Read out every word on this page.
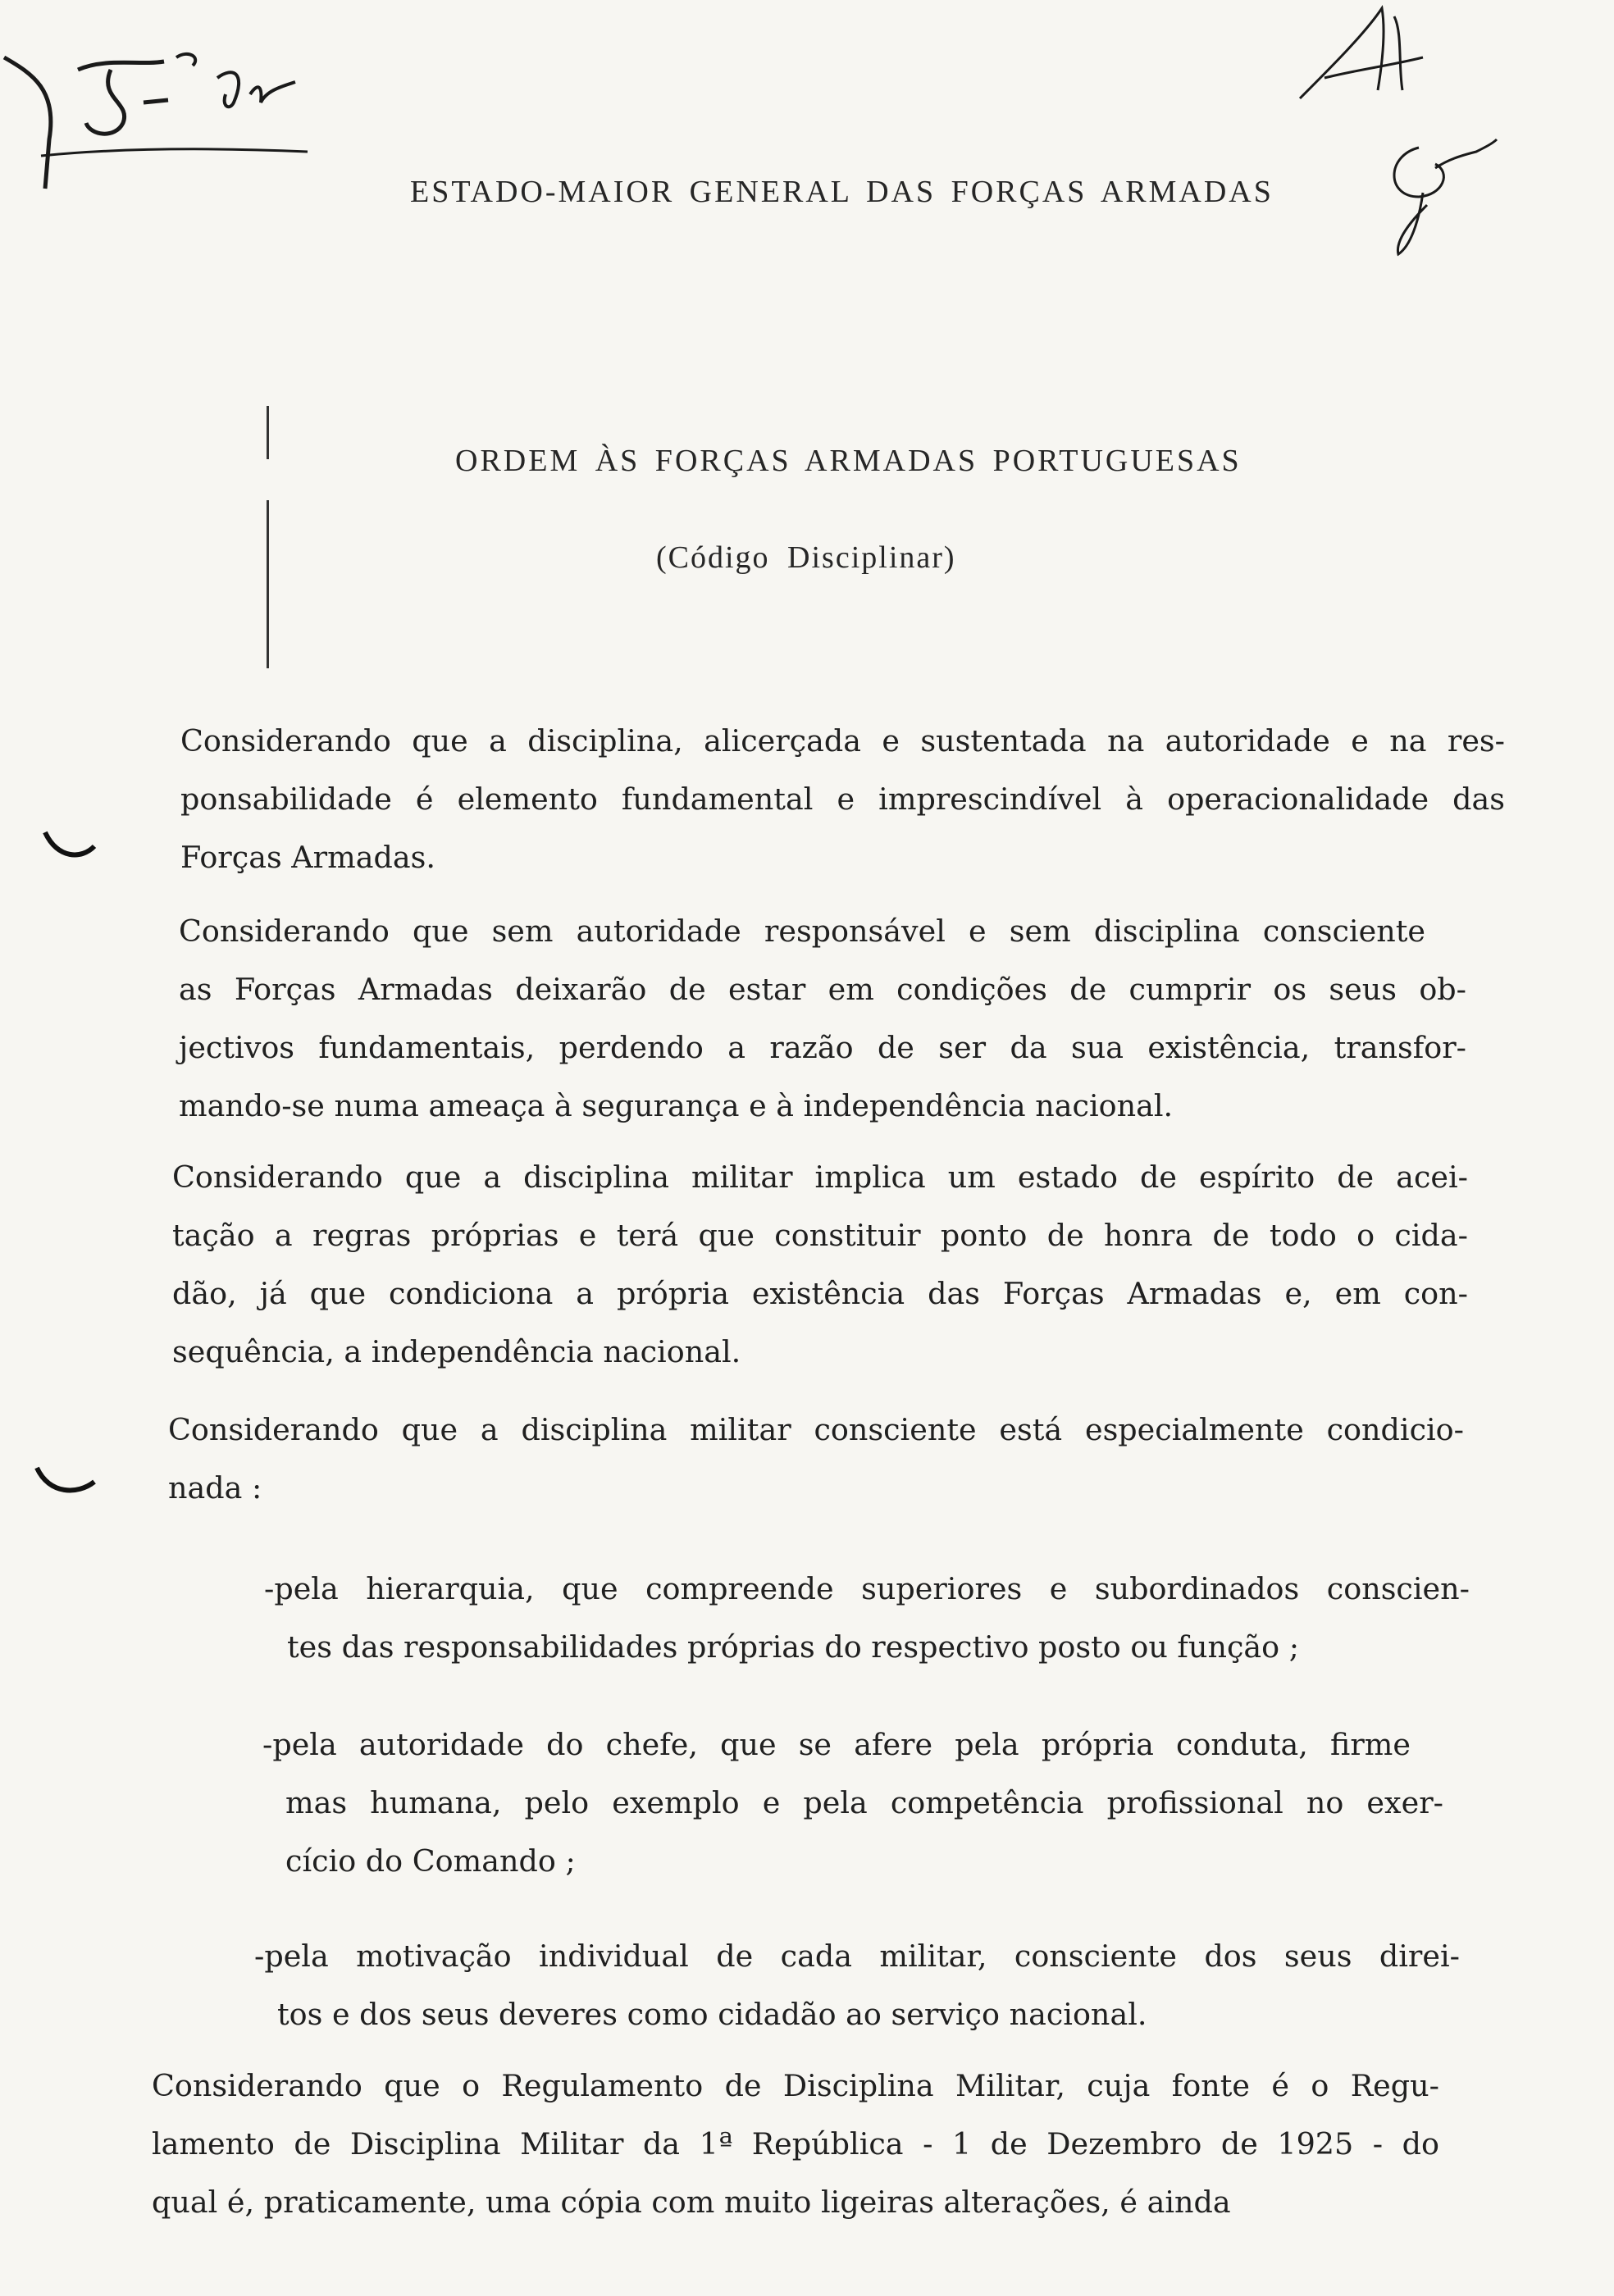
ESTADO-MAIOR GENERAL DAS FORÇAS ARMADAS
ORDEM ÀS FORÇAS ARMADAS PORTUGUESAS
(Código Disciplinar)
Considerando que a disciplina, alicerçada e sustentada na autoridade e na res-
ponsabilidade é elemento fundamental e imprescindível à operacionalidade das
Forças Armadas.
Considerando que sem autoridade responsável e sem disciplina consciente
as Forças Armadas deixarão de estar em condições de cumprir os seus ob-
jectivos fundamentais, perdendo a razão de ser da sua existência, transfor-
mando-se numa ameaça à segurança e à independência nacional.
Considerando que a disciplina militar implica um estado de espírito de acei-
tação a regras próprias e terá que constituir ponto de honra de todo o cida-
dão, já que condiciona a própria existência das Forças Armadas e, em con-
sequência, a independência nacional.
Considerando que a disciplina militar consciente está especialmente condicio-
nada :
-pela hierarquia, que compreende superiores e subordinados conscien-
tes das responsabilidades próprias do respectivo posto ou função ;
-pela autoridade do chefe, que se afere pela própria conduta, firme
mas humana, pelo exemplo e pela competência profissional no exer-
cício do Comando ;
-pela motivação individual de cada militar, consciente dos seus direi-
tos e dos seus deveres como cidadão ao serviço nacional.
Considerando que o Regulamento de Disciplina Militar, cuja fonte é o Regu-
lamento de Disciplina Militar da 1ª República - 1 de Dezembro de 1925 - do
qual é, praticamente, uma cópia com muito ligeiras alterações, é ainda
